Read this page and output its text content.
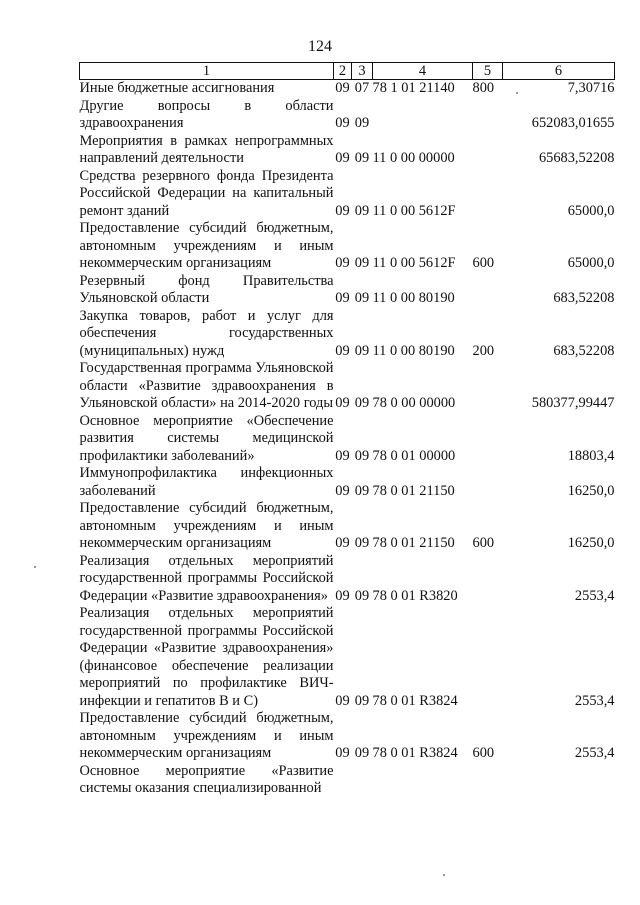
124
1	2	3	4	5	6
Иные бюджетные ассигнования	09	07	78 1 01 21140	800	7,30716
Другие вопросы в области здравоохранения	09	09			652083,01655
Мероприятия в рамках непрограммных направлений деятельности	09	09	11 0 00 00000		65683,52208
Средства резервного фонда Президента Российской Федерации на капитальный ремонт зданий	09	09	11 0 00 5612F		65000,0
Предоставление субсидий бюджетным, автономным учреждениям и иным некоммерческим организациям	09	09	11 0 00 5612F	600	65000,0
Резервный фонд Правительства Ульяновской области	09	09	11 0 00 80190		683,52208
Закупка товаров, работ и услуг для обеспечения государственных (муниципальных) нужд	09	09	11 0 00 80190	200	683,52208
Государственная программа Ульяновской области «Развитие здравоохранения в Ульяновской области» на 2014-2020 годы	09	09	78 0 00 00000		580377,99447
Основное мероприятие «Обеспечение развития системы медицинской профилактики заболеваний»	09	09	78 0 01 00000		18803,4
Иммунопрофилактика инфекционных заболеваний	09	09	78 0 01 21150		16250,0
Предоставление субсидий бюджетным, автономным учреждениям и иным некоммерческим организациям	09	09	78 0 01 21150	600	16250,0
Реализация отдельных мероприятий государственной программы Российской Федерации «Развитие здравоохранения»	09	09	78 0 01 R3820		2553,4
Реализация отдельных мероприятий государственной программы Российской Федерации «Развитие здравоохранения» (финансовое обеспечение реализации мероприятий по профилактике ВИЧ-инфекции и гепатитов В и С)	09	09	78 0 01 R3824		2553,4
Предоставление субсидий бюджетным, автономным учреждениям и иным некоммерческим организациям	09	09	78 0 01 R3824	600	2553,4
Основное мероприятие «Развитие системы оказания специализированной					
